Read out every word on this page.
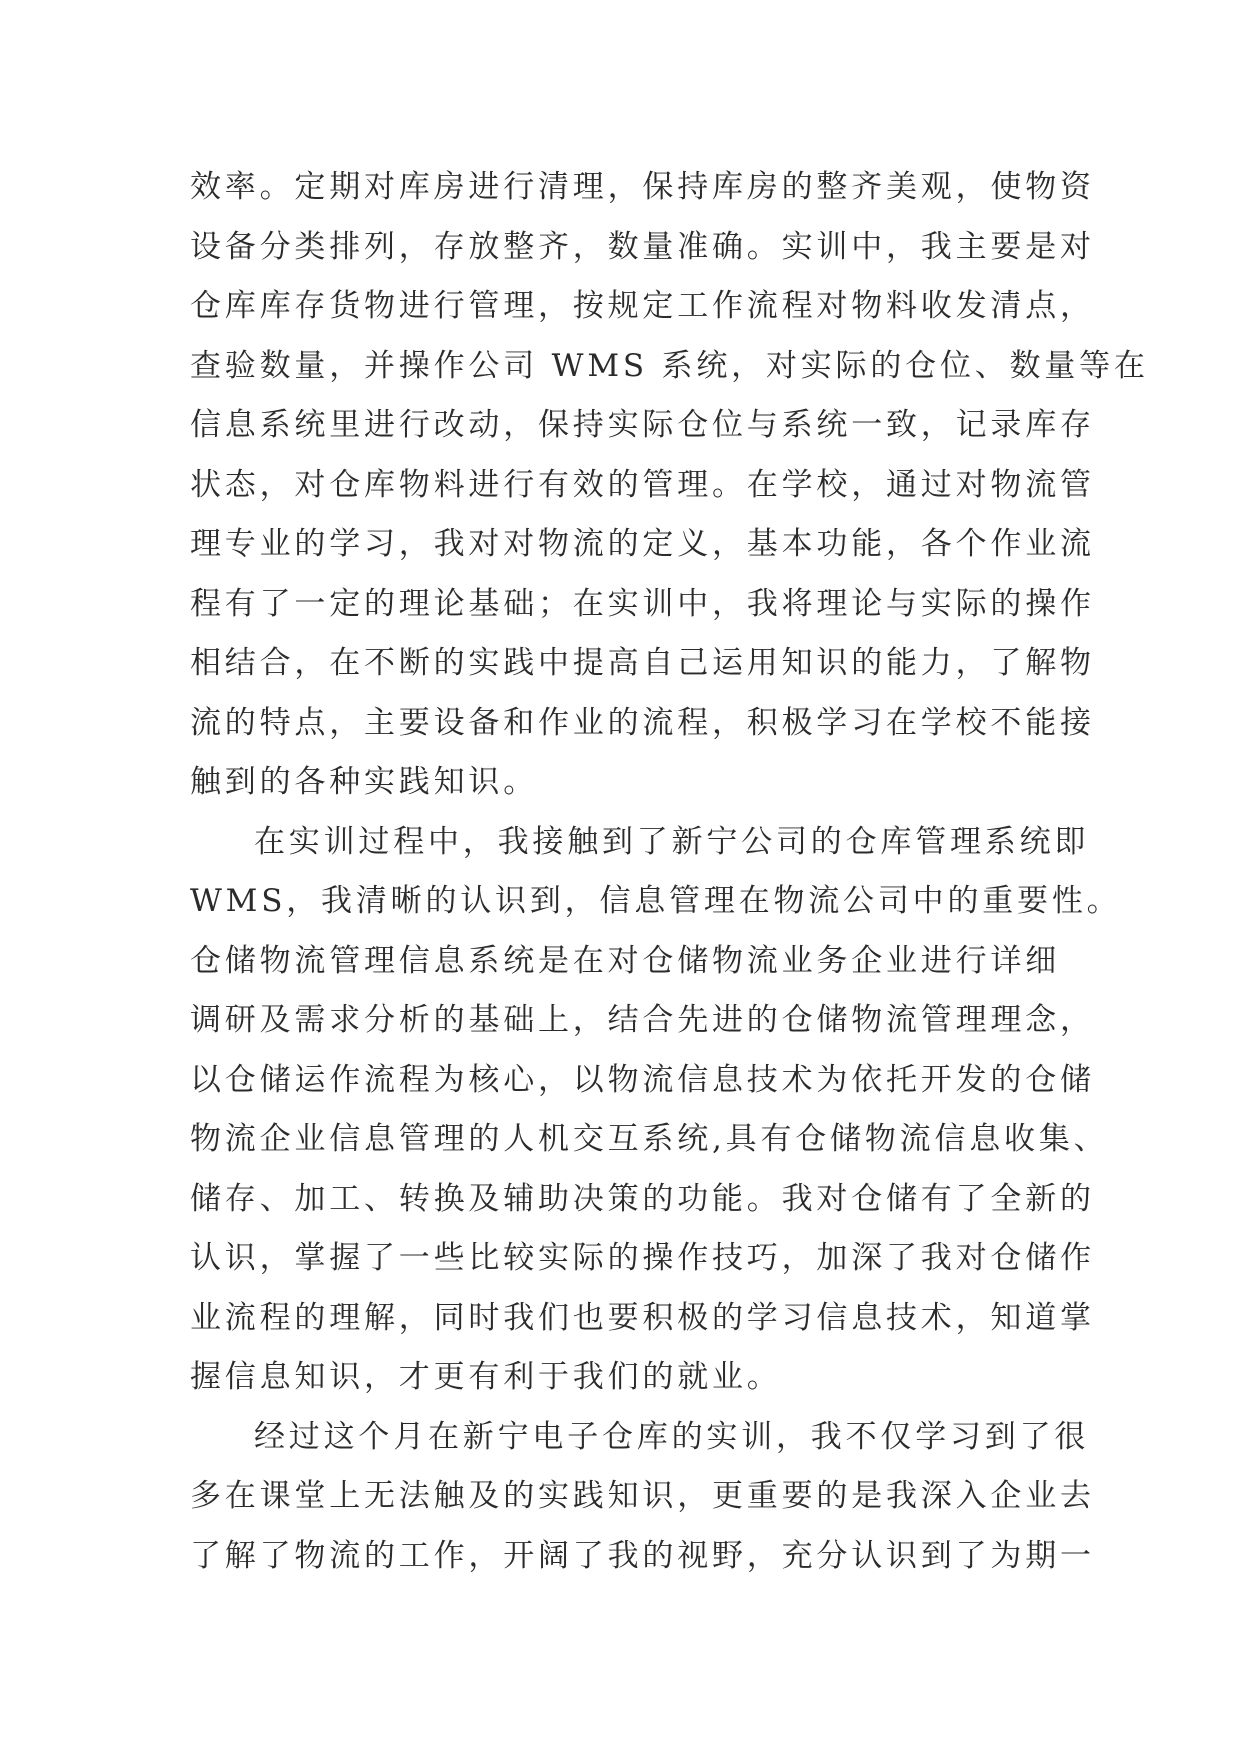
效率。定期对库房进行清理，保持库房的整齐美观，使物资
设备分类排列，存放整齐，数量准确。实训中，我主要是对
仓库库存货物进行管理，按规定工作流程对物料收发清点，
查验数量，并操作公司 WMS 系统，对实际的仓位、数量等在
信息系统里进行改动，保持实际仓位与系统一致，记录库存
状态，对仓库物料进行有效的管理。在学校，通过对物流管
理专业的学习，我对对物流的定义，基本功能，各个作业流
程有了一定的理论基础；在实训中，我将理论与实际的操作
相结合，在不断的实践中提高自己运用知识的能力，了解物
流的特点，主要设备和作业的流程，积极学习在学校不能接
触到的各种实践知识。
在实训过程中，我接触到了新宁公司的仓库管理系统即
WMS，我清晰的认识到，信息管理在物流公司中的重要性。
仓储物流管理信息系统是在对仓储物流业务企业进行详细
调研及需求分析的基础上，结合先进的仓储物流管理理念，
以仓储运作流程为核心，以物流信息技术为依托开发的仓储
物流企业信息管理的人机交互系统,具有仓储物流信息收集、
储存、加工、转换及辅助决策的功能。我对仓储有了全新的
认识，掌握了一些比较实际的操作技巧，加深了我对仓储作
业流程的理解，同时我们也要积极的学习信息技术，知道掌
握信息知识，才更有利于我们的就业。
经过这个月在新宁电子仓库的实训，我不仅学习到了很
多在课堂上无法触及的实践知识，更重要的是我深入企业去
了解了物流的工作，开阔了我的视野，充分认识到了为期一
